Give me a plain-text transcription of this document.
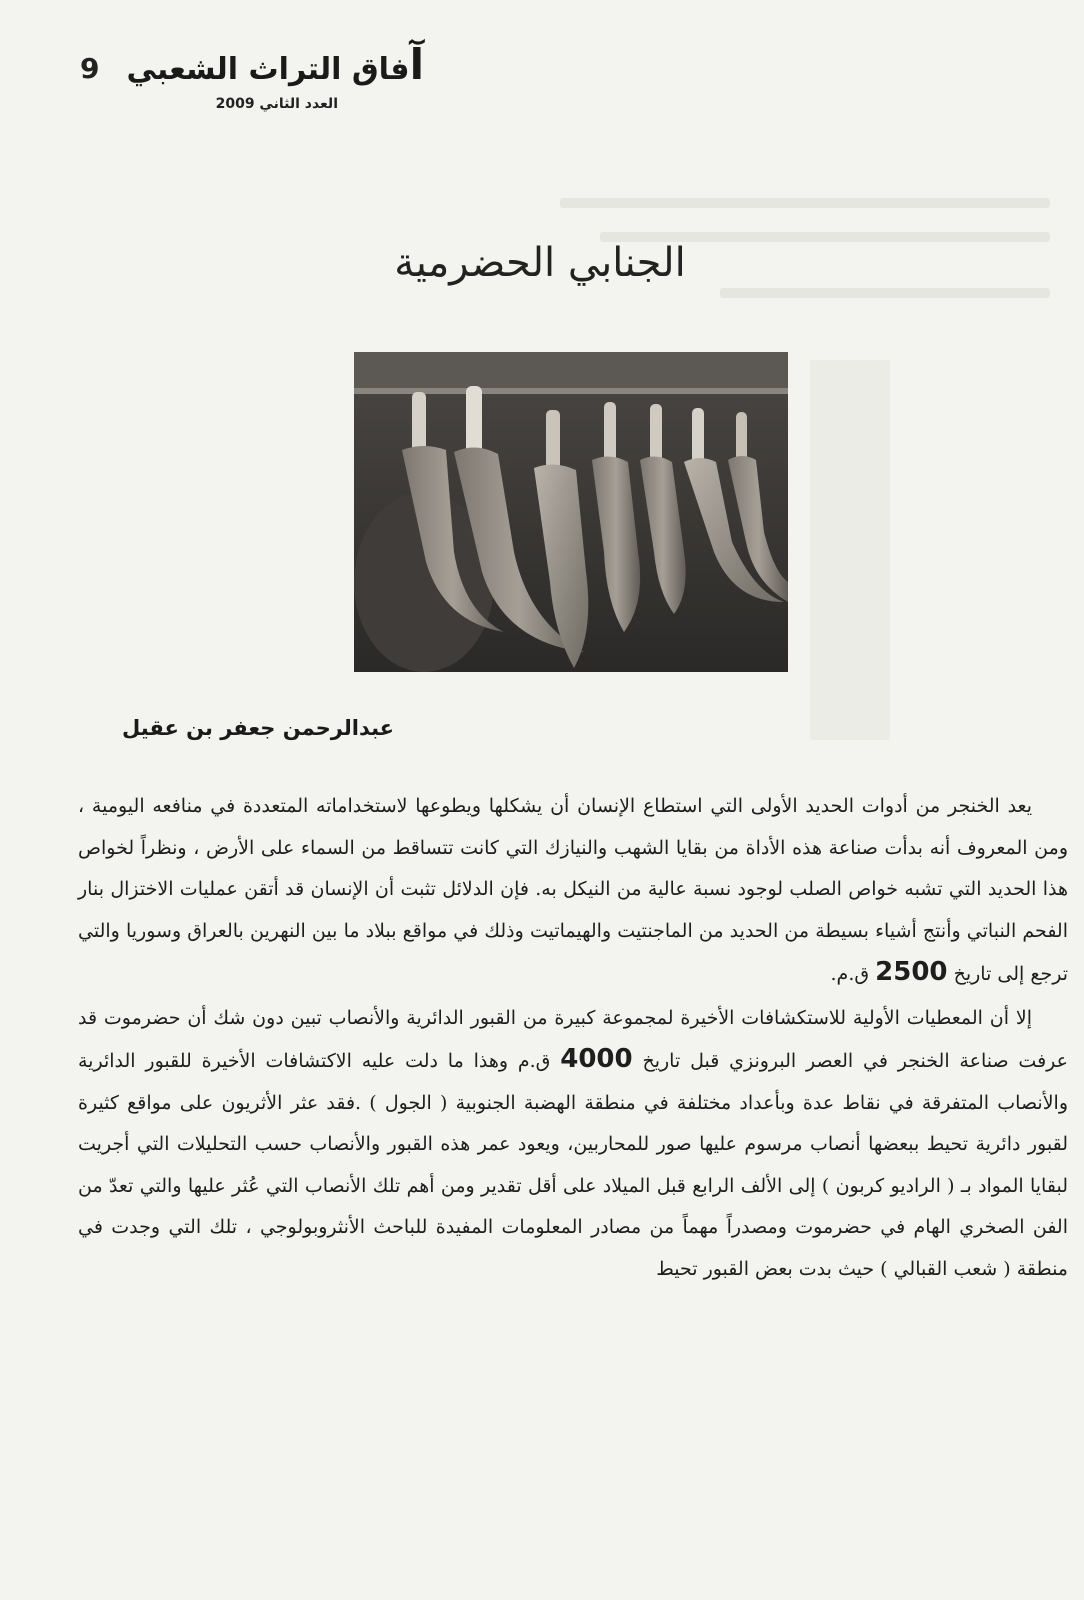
9	آفاق التراث الشعبي
العدد الثاني 2009
الجنابي الحضرمية
عبدالرحمن جعفر بن عقيل

يعد الخنجر من أدوات الحديد الأولى التي استطاع الإنسان أن يشكلها ويطوعها لاستخداماته المتعددة في منافعه اليومية ، ومن المعروف أنه بدأت صناعة هذه الأداة من بقايا الشهب والنيازك التي كانت تتساقط من السماء على الأرض ، ونظراً لخواص هذا الحديد التي تشبه خواص الصلب لوجود نسبة عالية من النيكل به. فإن الدلائل تثبت أن الإنسان قد أتقن عمليات الاختزال بنار الفحم النباتي وأنتج أشياء بسيطة من الحديد من الماجنتيت والهيماتيت وذلك في مواقع ببلاد ما بين النهرين بالعراق وسوريا والتي ترجع إلى تاريخ 2500 ق.م.

إلا أن المعطيات الأولية للاستكشافات الأخيرة لمجموعة كبيرة من القبور الدائرية والأنصاب تبين دون شك أن حضرموت قد عرفت صناعة الخنجر في العصر البرونزي قبل تاريخ 4000 ق.م وهذا ما دلت عليه الاكتشافات الأخيرة للقبور الدائرية والأنصاب المتفرقة في نقاط عدة وبأعداد مختلفة في منطقة الهضبة الجنوبية ( الجول ) .فقد عثر الأثريون على مواقع كثيرة لقبور دائرية تحيط ببعضها أنصاب مرسوم عليها صور للمحاربين، ويعود عمر هذه القبور والأنصاب حسب التحليلات التي أجريت لبقايا المواد بـ ( الراديو كربون ) إلى الألف الرابع قبل الميلاد على أقل تقدير ومن أهم تلك الأنصاب التي عُثر عليها والتي تعدّ من الفن الصخري الهام في حضرموت ومصدراً مهماً من مصادر المعلومات المفيدة للباحث الأنثروبولوجي ، تلك التي وجدت في منطقة ( شعب القبالي ) حيث بدت بعض القبور تحيط
